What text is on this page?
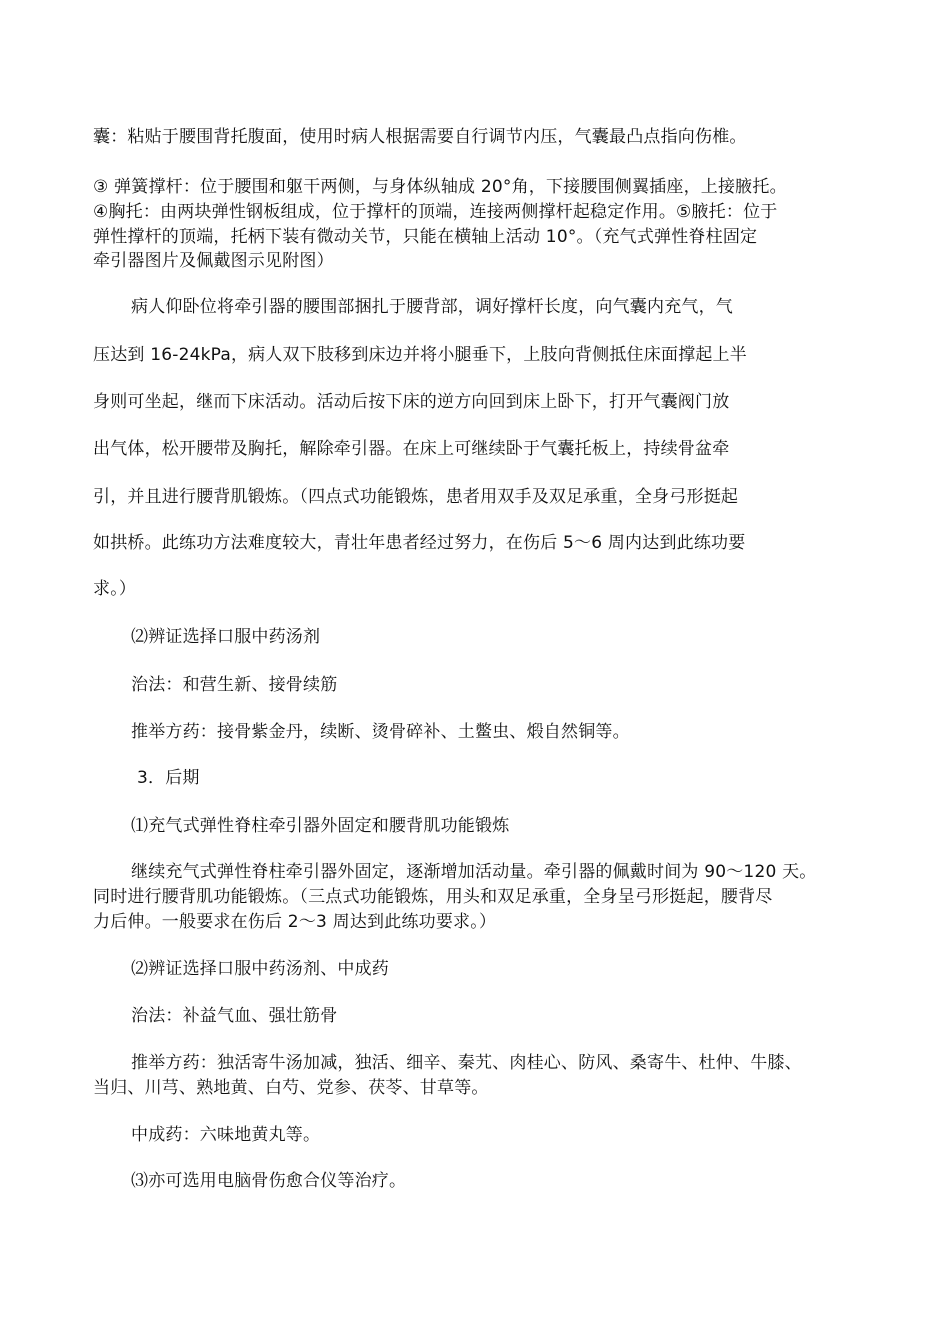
囊：粘贴于腰围背托腹面，使用时病人根据需要自行调节内压，气囊最凸点指向伤椎。
③ 弹簧撑杆：位于腰围和躯干两侧，与身体纵轴成 20°角，下接腰围侧翼插座，上接腋托。
④胸托：由两块弹性钢板组成，位于撑杆的顶端，连接两侧撑杆起稳定作用。⑤腋托：位于
弹性撑杆的顶端，托柄下装有微动关节，只能在横轴上活动 10°。（充气式弹性脊柱固定
牵引器图片及佩戴图示见附图）
病人仰卧位将牵引器的腰围部捆扎于腰背部，调好撑杆长度，向气囊内充气，气
压达到 16-24kPa，病人双下肢移到床边并将小腿垂下，上肢向背侧抵住床面撑起上半
身则可坐起，继而下床活动。活动后按下床的逆方向回到床上卧下，打开气囊阀门放
出气体，松开腰带及胸托，解除牵引器。在床上可继续卧于气囊托板上，持续骨盆牵
引，并且进行腰背肌锻炼。（四点式功能锻炼，患者用双手及双足承重，全身弓形挺起
如拱桥。此练功方法难度较大，青壮年患者经过努力，在伤后 5～6 周内达到此练功要
求。）
⑵辨证选择口服中药汤剂
治法：和营生新、接骨续筋
推举方药：接骨紫金丹，续断、烫骨碎补、土鳖虫、煅自然铜等。
3．后期
⑴充气式弹性脊柱牵引器外固定和腰背肌功能锻炼
继续充气式弹性脊柱牵引器外固定，逐渐增加活动量。牵引器的佩戴时间为 90～120 天。
同时进行腰背肌功能锻炼。（三点式功能锻炼，用头和双足承重，全身呈弓形挺起，腰背尽
力后伸。一般要求在伤后 2～3 周达到此练功要求。）
⑵辨证选择口服中药汤剂、中成药
治法：补益气血、强壮筋骨
推举方药：独活寄牛汤加减，独活、细辛、秦艽、肉桂心、防风、桑寄牛、杜仲、牛膝、
当归、川芎、熟地黄、白芍、党参、茯苓、甘草等。
中成药：六味地黄丸等。
⑶亦可选用电脑骨伤愈合仪等治疗。
